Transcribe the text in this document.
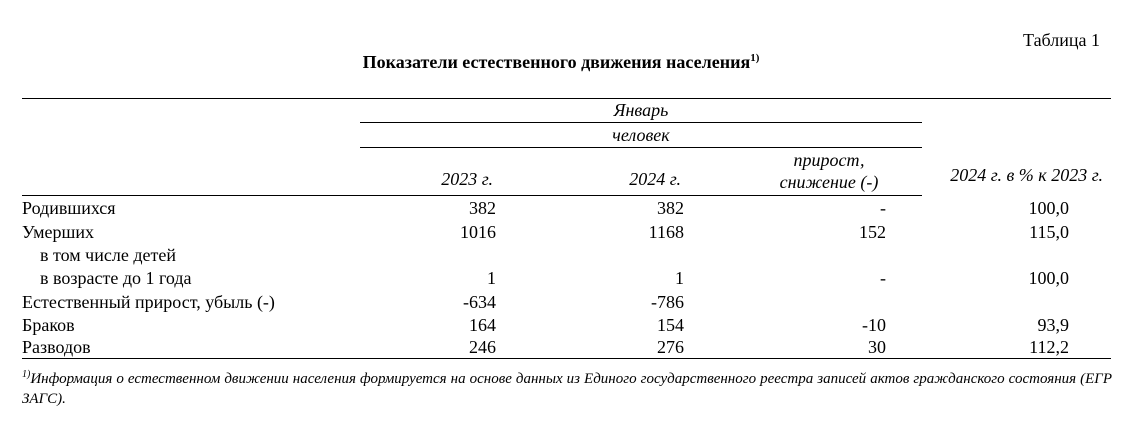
Таблица 1
Показатели естественного движения населения$^{1)}$
	Январь			2024 г. в % к 2023 г.

	человек			
	2023 г.	2024 г.	прирост,
снижение (-)	

Родившихся	382	382	-	100,0
Умерших	1016	1168	152	115,0
в том числе детей				
в возрасте до 1 года	1	1	-	100,0
Естественный прирост, убыль (-)	-634	-786		
Браков	164	154	-10	93,9
Разводов	246	276	30	112,2
$^{1)}$Информация о естественном движении населения формируется на основе данных из Единого государственного реестра записей актов гражданского состояния (ЕГР ЗАГС).
